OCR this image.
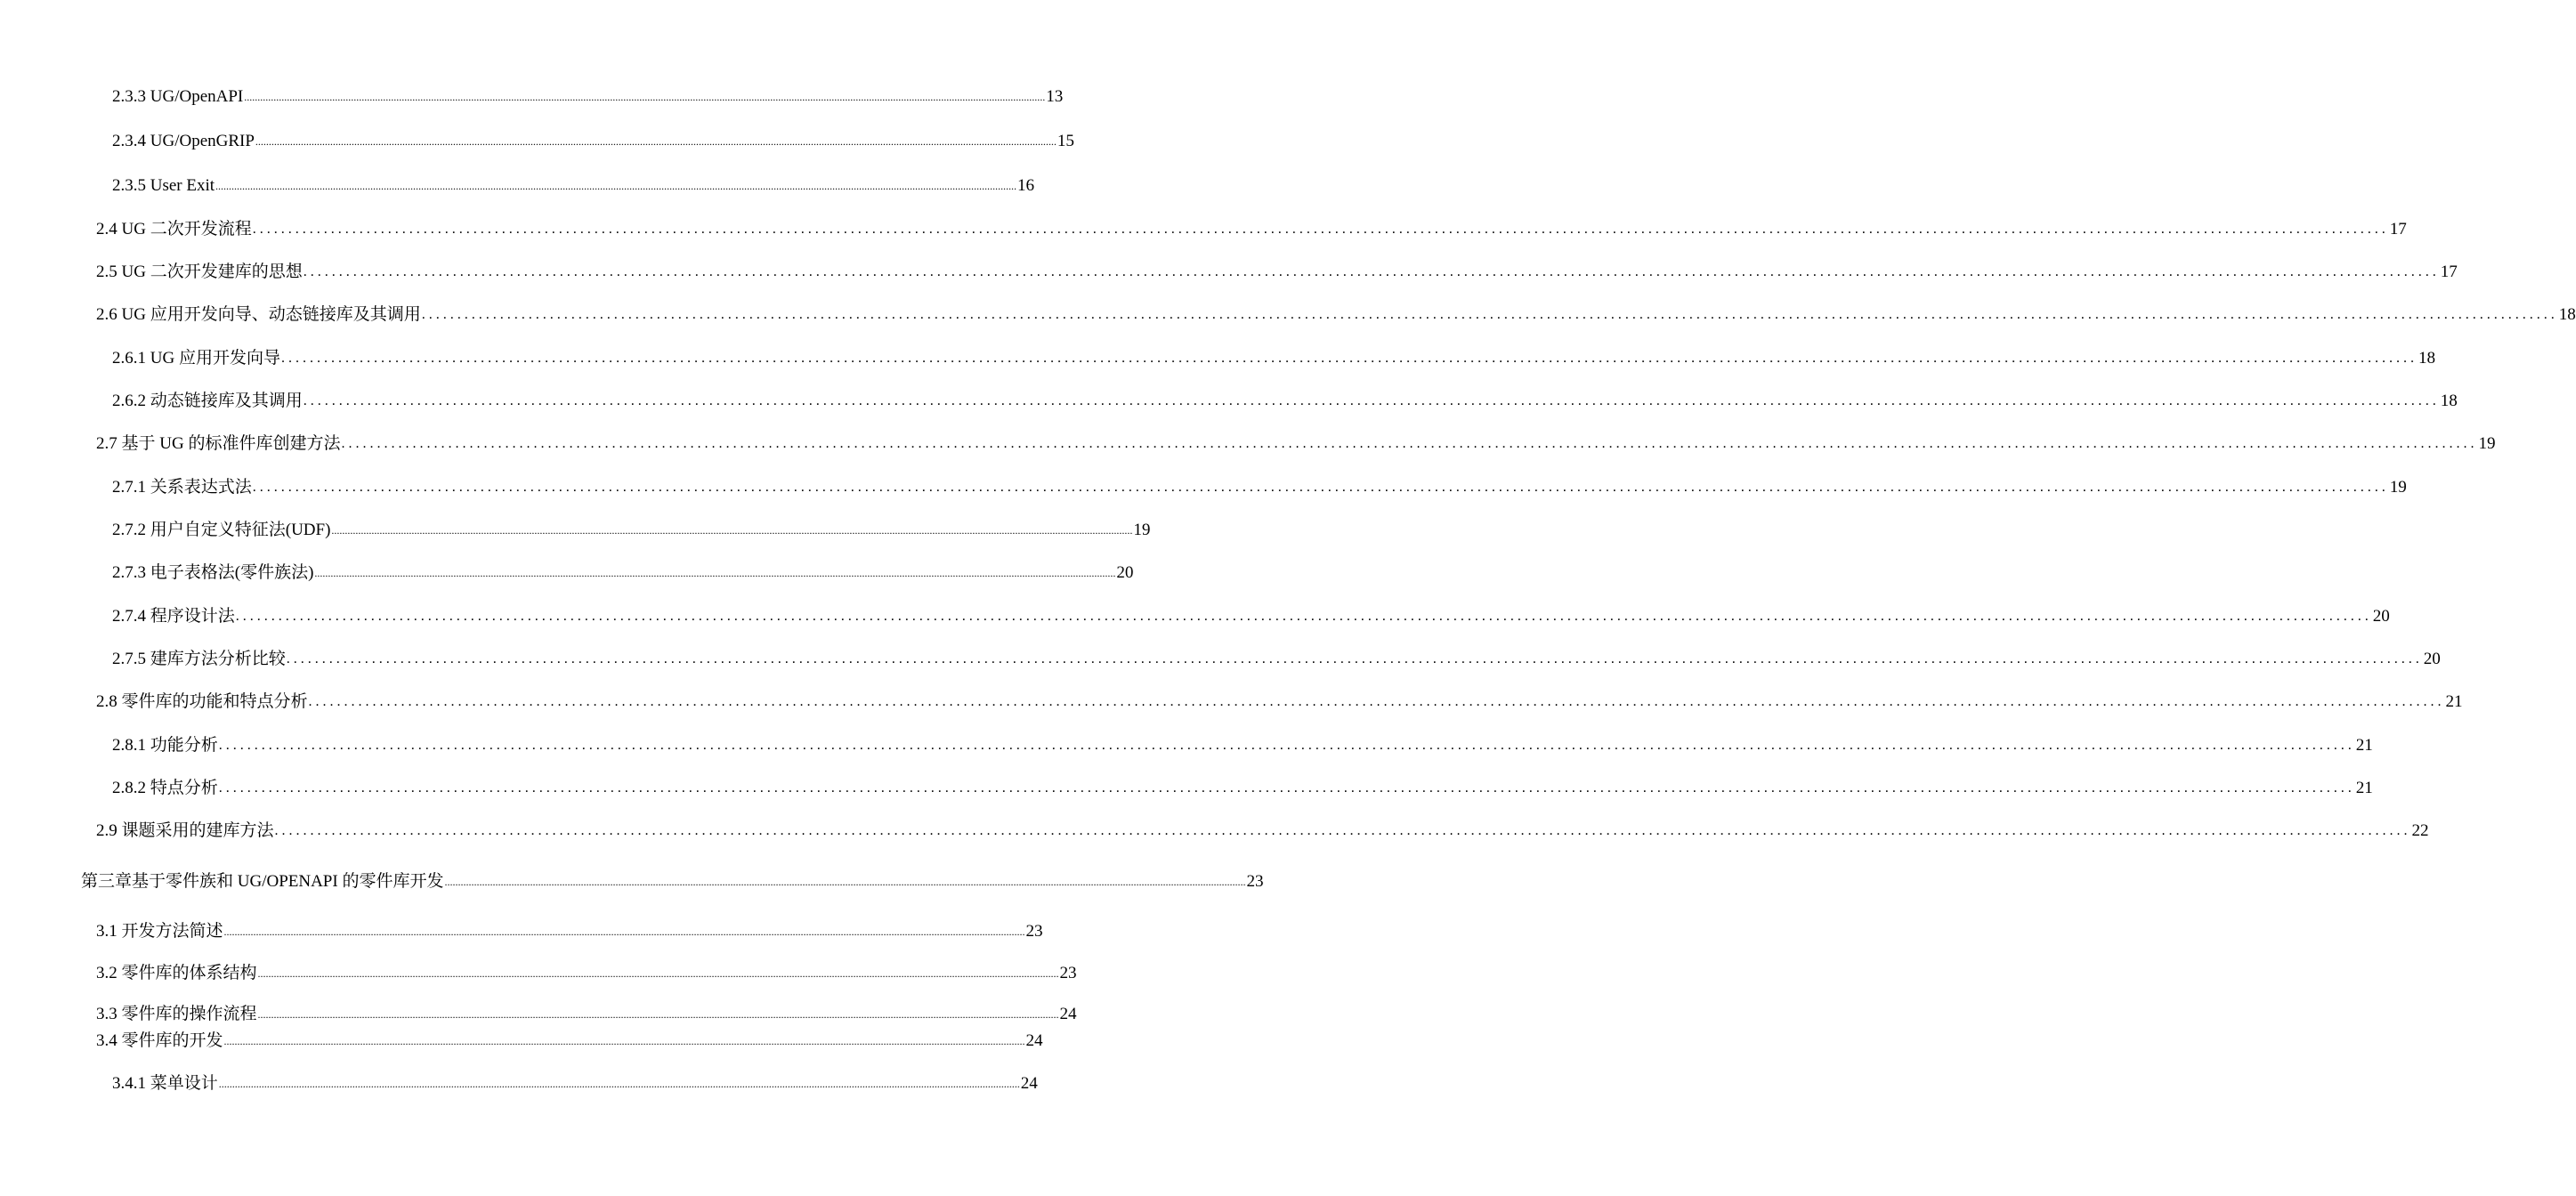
2.3.3 UG/OpenAPI ............................................................................................................................................................................................................................................................................................................ 13
2.3.4 UG/OpenGRIP ............................................................................................................................................................................................................................................................................................................ 15
2.3.5 User Exit ............................................................................................................................................................................................................................................................................................................ 16
2.4 UG 二次开发流程 ............................................................................................................................................................................................................................................................................................................ 17
2.5 UG 二次开发建库的思想 ............................................................................................................................................................................................................................................................................................................ 17
2.6 UG 应用开发向导、动态链接库及其调用 ............................................................................................................................................................................................................................................................................................................ 18
2.6.1 UG 应用开发向导 ............................................................................................................................................................................................................................................................................................................ 18
2.6.2 动态链接库及其调用 ............................................................................................................................................................................................................................................................................................................ 18
2.7 基于 UG 的标准件库创建方法 ............................................................................................................................................................................................................................................................................................................ 19
2.7.1 关系表达式法 ............................................................................................................................................................................................................................................................................................................ 19
2.7.2 用户自定义特征法(UDF) ............................................................................................................................................................................................................................................................................................................ 19
2.7.3 电子表格法(零件族法) ............................................................................................................................................................................................................................................................................................................ 20
2.7.4 程序设计法 ............................................................................................................................................................................................................................................................................................................ 20
2.7.5 建库方法分析比较 ............................................................................................................................................................................................................................................................................................................ 20
2.8 零件库的功能和特点分析 ............................................................................................................................................................................................................................................................................................................ 21
2.8.1 功能分析 ............................................................................................................................................................................................................................................................................................................ 21
2.8.2 特点分析 ............................................................................................................................................................................................................................................................................................................ 21
2.9 课题采用的建库方法 ............................................................................................................................................................................................................................................................................................................ 22
第三章基于零件族和 UG/OPENAPI 的零件库开发 ............................................................................................................................................................................................................................................................................................................ 23
3.1 开发方法简述 ............................................................................................................................................................................................................................................................................................................ 23
3.2 零件库的体系结构 ............................................................................................................................................................................................................................................................................................................ 23
3.3 零件库的操作流程 ............................................................................................................................................................................................................................................................................................................ 24
3.4 零件库的开发 ............................................................................................................................................................................................................................................................................................................ 24
3.4.1 菜单设计 ............................................................................................................................................................................................................................................................................................................ 24
